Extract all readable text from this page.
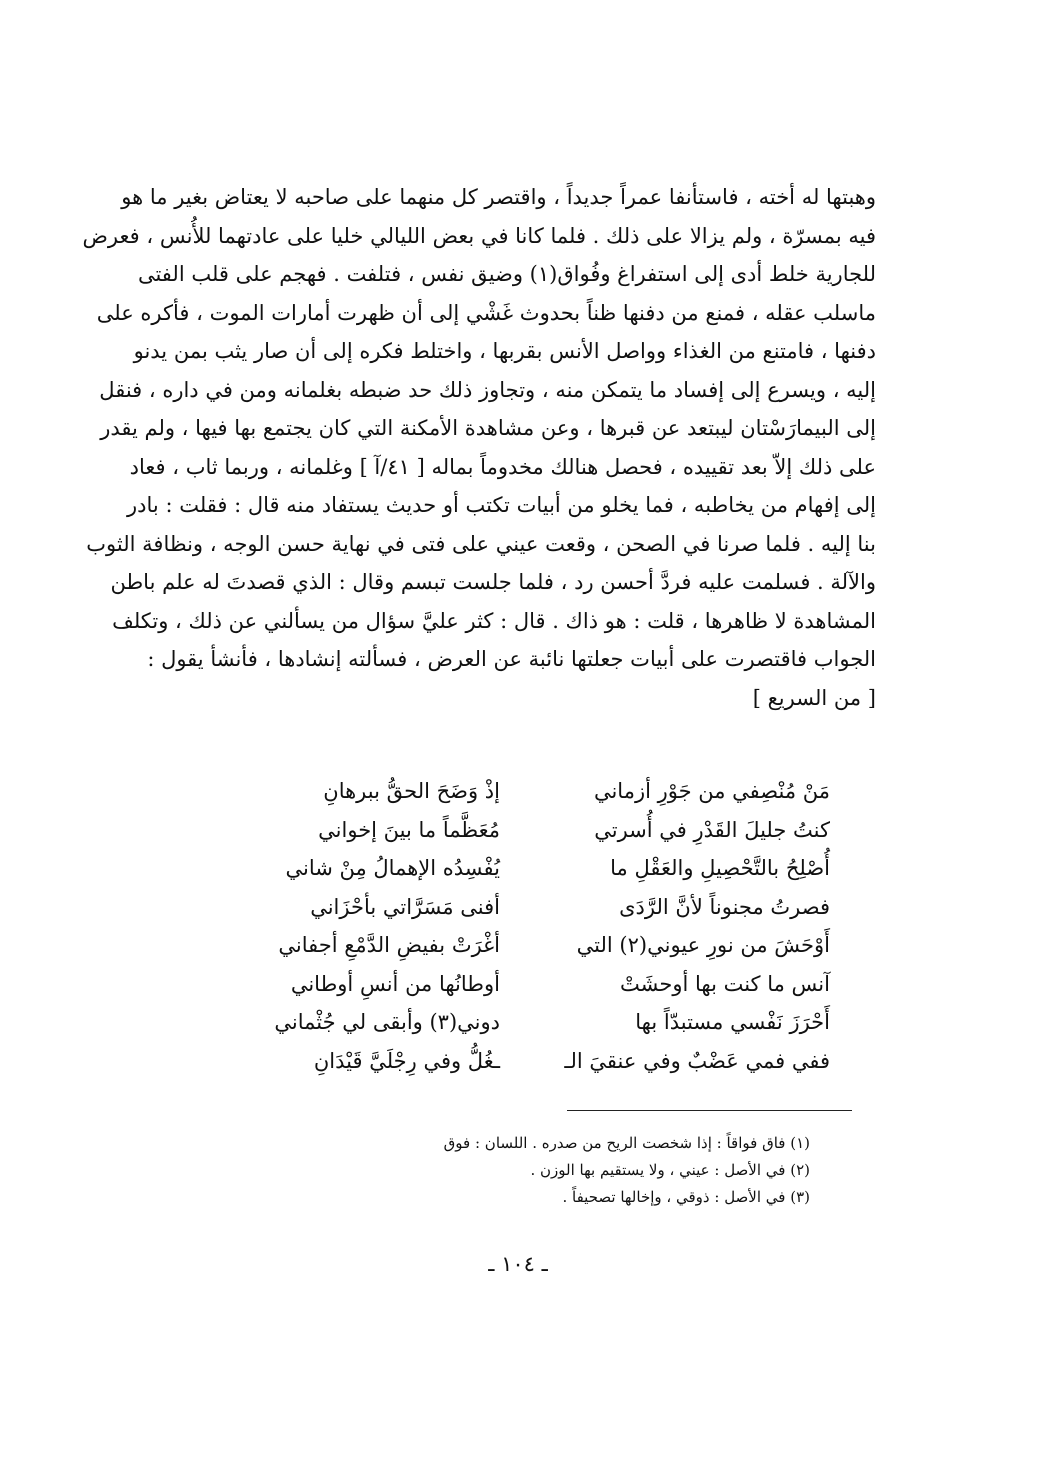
وهبتها له أخته ، فاستأنفا عمراً جديداً ، واقتصر كل منهما على صاحبه لا يعتاض بغير ما هو
فيه بمسرّة ، ولم يزالا على ذلك . فلما كانا في بعض الليالي خليا على عادتهما للأُنس ، فعرض
للجارية خلط أدى إلى استفراغ وفُواق(١) وضيق نفس ، فتلفت . فهجم على قلب الفتى
ماسلب عقله ، فمنع من دفنها ظناً بحدوث غَشْي إلى أن ظهرت أمارات الموت ، فأكره على
دفنها ، فامتنع من الغذاء وواصل الأنس بقربها ، واختلط فكره إلى أن صار يثب بمن يدنو
إليه ، ويسرع إلى إفساد ما يتمكن منه ، وتجاوز ذلك حد ضبطه بغلمانه ومن في داره ، فنقل
إلى البيمارَسْتان ليبتعد عن قبرها ، وعن مشاهدة الأمكنة التي كان يجتمع بها فيها ، ولم يقدر
على ذلك إلاّ بعد تقييده ، فحصل هنالك مخدوماً بماله [ ٤١/آ ] وغلمانه ، وربما ثاب ، فعاد
إلى إفهام من يخاطبه ، فما يخلو من أبيات تكتب أو حديث يستفاد منه قال : فقلت : بادر
بنا إليه . فلما صرنا في الصحن ، وقعت عيني على فتى في نهاية حسن الوجه ، ونظافة الثوب
والآلة . فسلمت عليه فردَّ أحسن رد ، فلما جلست تبسم وقال : الذي قصدتَ له علم باطن
المشاهدة لا ظاهرها ، قلت : هو ذاك . قال : كثر عليَّ سؤال من يسألني عن ذلك ، وتكلف
الجواب فاقتصرت على أبيات جعلتها نائبة عن العرض ، فسألته إنشادها ، فأنشأ يقول :
[ من السريع ]
مَنْ مُنْصِفي من جَوْرِ أزماني
إذْ وَضَحَ الحقُّ ببرهانِ
كنتُ جليلَ القَدْرِ في أُسرتي
مُعَظَّماً ما بينَ إخواني
أُصْلِحُ بالتَّحْصِيلِ والعَقْلِ ما
يُفْسِدُه الإهمالُ مِنْ شاني
فصرتُ مجنوناً لأنَّ الرَّدَى
أفنى مَسَرَّاتي بأحْزَاني
أَوْحَشَ من نورِ عيوني(٢) التي
أغْرَتْ بفيضِ الدَّمْعِ أجفاني
آنس ما كنت بها أوحشَتْ
أوطانُها من أنسِ أوطاني
أَحْرَزَ نَفْسي مستبدّاً بها
دوني(٣) وأبقى لي جُثْماني
ففي فمي عَضْبٌ وفي عنقيَ الـ
ـغُلُّ وفي رِجْلَيَّ قَيْدَانِ
(١) فاق فواقاً : إذا شخصت الريح من صدره . اللسان : فوق
(٢) في الأصل : عيني ، ولا يستقيم بها الوزن .
(٣) في الأصل : ذوقي ، وإخالها تصحيفاً .
ـ ١٠٤ ـ
